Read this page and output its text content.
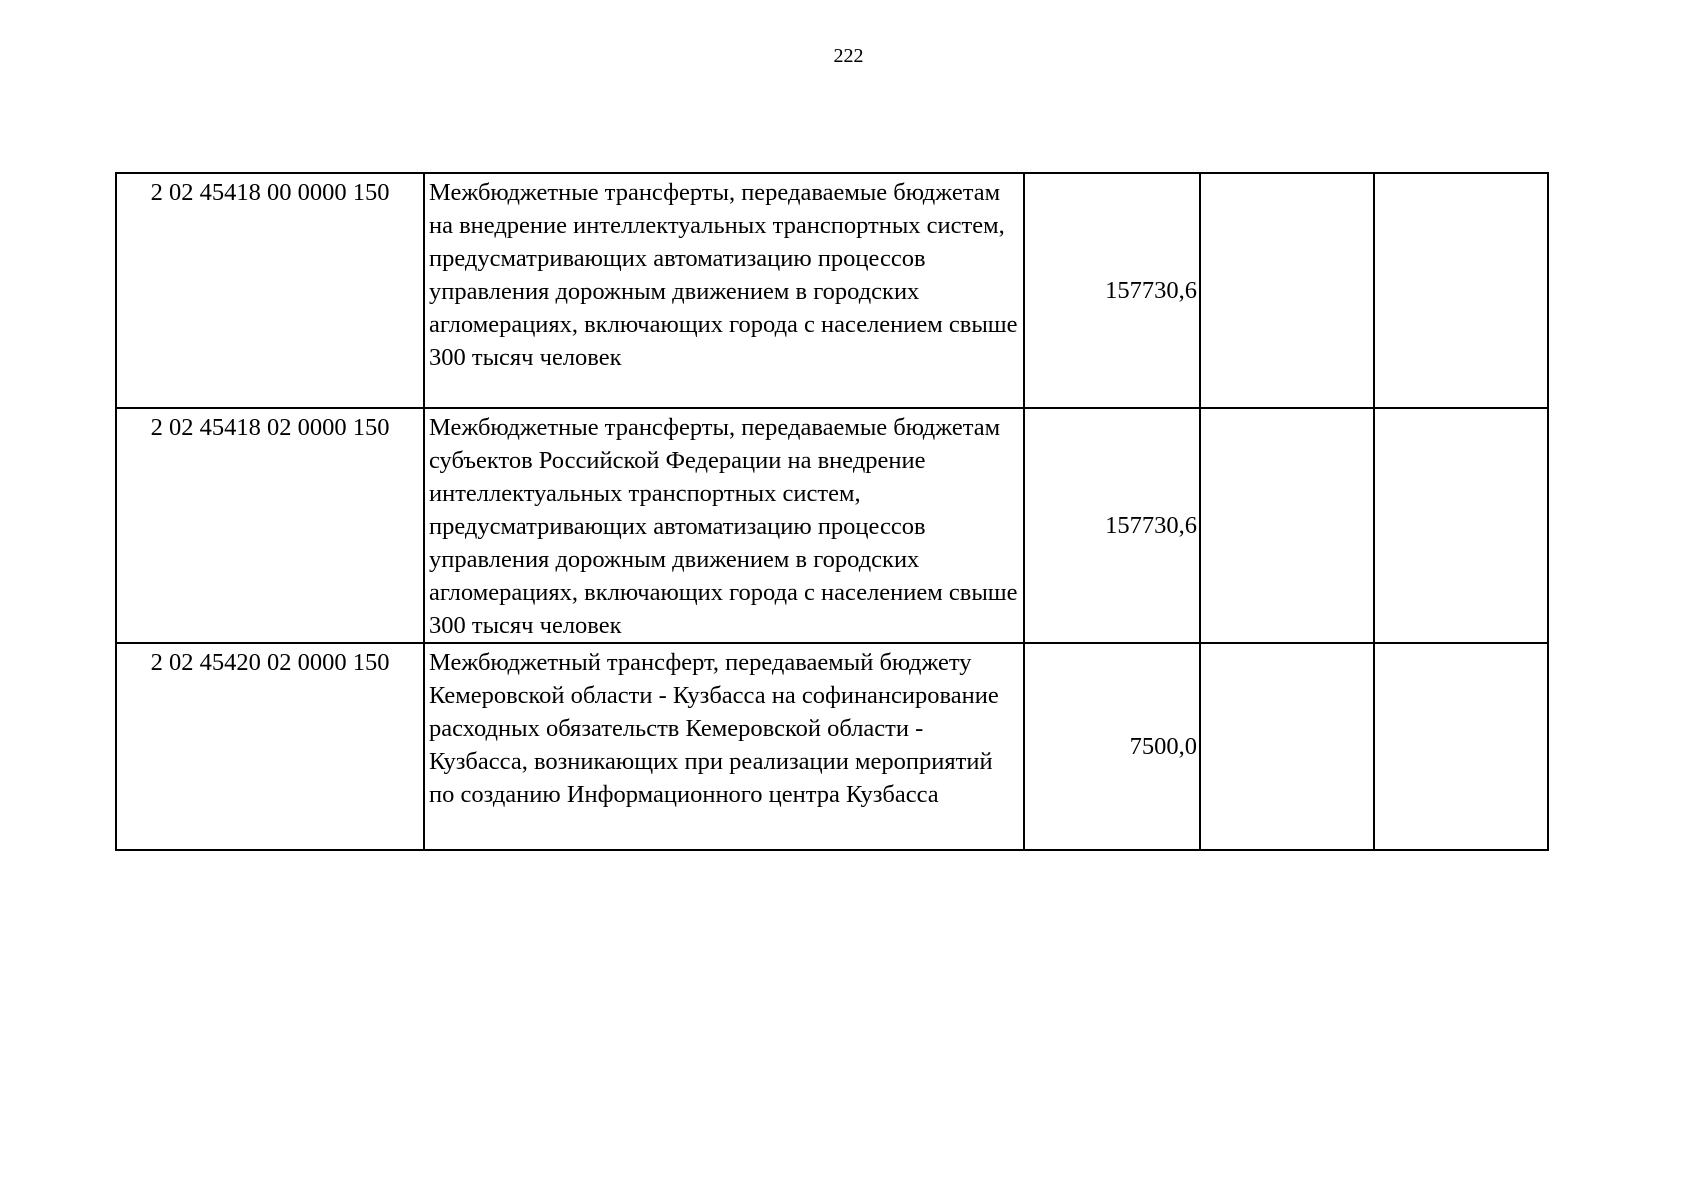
222
2 02 45418 00 0000 150	Межбюджетные трансферты, передаваемые бюджетам на внедрение интеллектуальных транспортных систем, предусматривающих автоматизацию процессов управления дорожным движением в городских агломерациях, включающих города с населением свыше 300 тысяч человек	157730,6		
2 02 45418 02 0000 150	Межбюджетные трансферты, передаваемые бюджетам субъектов Российской Федерации на внедрение интеллектуальных транспортных систем, предусматривающих автоматизацию процессов управления дорожным движением в городских агломерациях, включающих города с населением свыше 300 тысяч человек	157730,6		
2 02 45420 02 0000 150	Межбюджетный трансферт, передаваемый бюджету Кемеровской области - Кузбасса на софинансирование расходных обязательств Кемеровской области - Кузбасса, возникающих при реализации мероприятий по созданию Информационного центра Кузбасса	7500,0		
